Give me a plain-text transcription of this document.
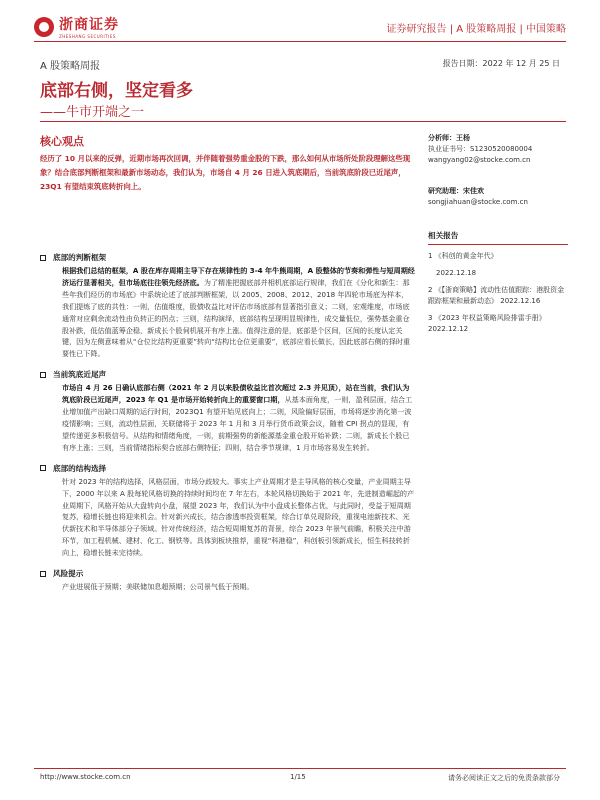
浙商证券
ZHESHANG SECURITIES
证券研究报告 | A 股策略周报 | 中国策略
A 股策略周报	报告日期：2022 年 12 月 25 日
底部右侧，坚定看多
——牛市开端之一
核心观点
经历了 10 月以来的反弹，近期市场再次回调，并伴随着强势重金股的下跌，那么如何从市场所处阶段理解这些现象？结合底部判断框架和最新市场动态，我们认为，市场自 4 月 26 日进入筑底期后，当前筑底阶段已近尾声，23Q1 有望结束筑底转折向上。
底部的判断框架
根据我们总结的框架，A 股在库存周期主导下存在规律性的 3-4 年牛熊周期，A 股整体的节奏和弹性与短周期经济运行显著相关，但市场底往往领先经济底。为了精准把握底部并相机底部运行规律，我们在《分化和新生：那些年我们经历的市场底》中系统论述了底部判断框架，以 2005、2008、2012、2018 年四轮市场底为样本，我们提炼了底的共性：一则，估值维度，股债收益比对评估市场底部有显著指引意义；二则，宏观维度，市场底通常对应剩余流动性由负转正的拐点；三则，结构演绎，底部结构呈现明显规律性，成交量低位，强势基金重仓股补跌，低估值蓝筹企稳，新成长个股伺机展开有序上涨。值得注意的是，底部是个区间，区间的长度认定关键，因为左侧意味着从“仓位比结构更重要”转向“结构比仓位更重要”，底部应看长做长，因此底部右侧的择时重要性已下降。
当前筑底近尾声
市场自 4 月 26 日确认底部右侧（2021 年 2 月以来股债收益比首次超过 2.3 并见顶），站在当前，我们认为筑底阶段已近尾声，2023 年 Q1 是市场开始转折向上的重要窗口期，从基本面角度，一则，盈利层面，结合工业增加值产出缺口周期的运行时间，2023Q1 有望开始见底向上；二则，风险偏好层面，市场将逐步消化第一波疫情影响；三则，流动性层面，关联储将于 2023 年 1 月和 3 月举行货币政策会议，随着 CPI 拐点的显现，有望传递更多积极信号。从结构和情绪角度，一则，前期强势的新能源基金重仓股开始补跌；二则，新成长个股已有序上涨；三则，当前情绪指标契合底部右侧特征；四则，结合季节规律，1 月市场容易发生转折。
底部的结构选择
针对 2023 年的结构选择，风格层面，市场分歧较大。事实上产业周期才是主导风格的核心变量，产业周期主导下，2000 年以来 A 股每轮风格切换的持续时间均在 7 年左右，本轮风格切换始于 2021 年，先进制造崛起的产业周期下，风格开始从大盘转向小盘，展望 2023 年，我们认为中小盘成长整体占优，与此同时，受益于短周期复苏，稳增长链也将迎来机会。针对新兴成长，结合渗透率投资框架，综合订单兑现阶段，重视电池新技术、光伏新技术和半导体部分子领域。针对传统经济，结合短周期复苏的背景，综合 2023 年景气前瞻，积极关注中游环节，加工程机械、建材、化工、钢铁等。具体到板块推荐，重视“科港稳”，科创板引领新成长，恒生科技转折向上，稳增长链未完待续。
风险提示
产业进展低于预期；美联储加息超预期；公司景气低于预期。
分析师：王杨
执业证书号：S1230520080004
wangyang02@stocke.com.cn
研究助理：宋佳欢
songjiahuan@stocke.com.cn
相关报告
1 《科创的黄金年代》
2022.12.18
2 《【浙商策略】流动性估值跟踪：港股资金跟踪框架和最新动态》 2022.12.16
3 《2023 年权益策略风险排雷手册》 2022.12.12
http://www.stocke.com.cn	1/15	请务必阅读正文之后的免责条款部分
